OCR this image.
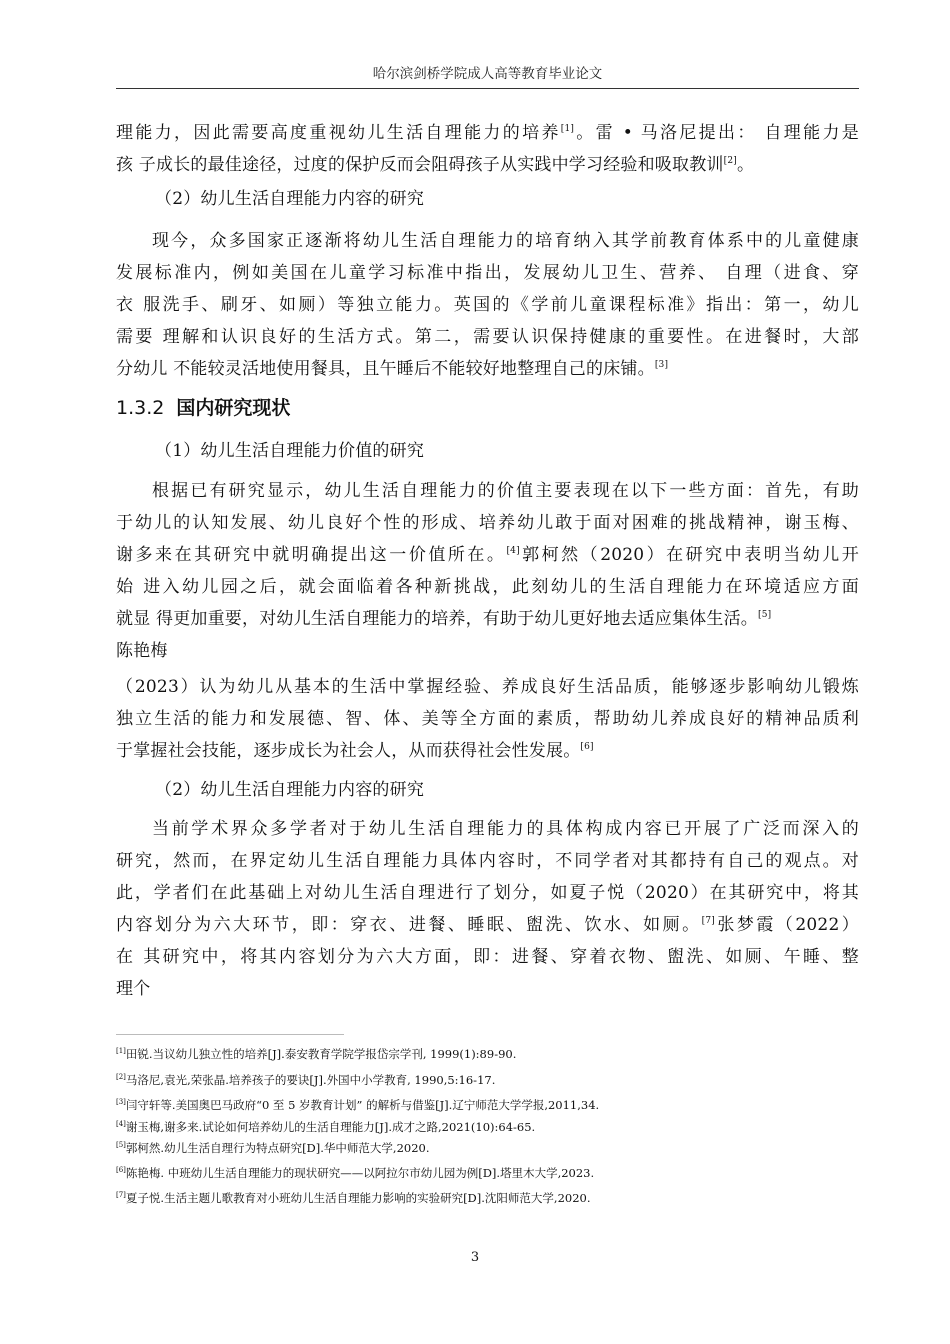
哈尔滨剑桥学院成人高等教育毕业论文
理能力，因此需要高度重视幼儿生活自理能力的培养[1]。雷 • 马洛尼提出： 自理能力是
孩 子成长的最佳途径，过度的保护反而会阻碍孩子从实践中学习经验和吸取教训[2]。
（2）幼儿生活自理能力内容的研究
现今，众多国家正逐渐将幼儿生活自理能力的培育纳入其学前教育体系中的儿童健康
发展标准内，例如美国在儿童学习标准中指出，发展幼儿卫生、营养、 自理（进食、穿
衣 服洗手、刷牙、如厕）等独立能力。英国的《学前儿童课程标准》指出：第一，幼儿
需要 理解和认识良好的生活方式。第二，需要认识保持健康的重要性。在进餐时，大部
分幼儿 不能较灵活地使用餐具，且午睡后不能较好地整理自己的床铺。[3]
1.3.2 国内研究现状
（1）幼儿生活自理能力价值的研究
根据已有研究显示，幼儿生活自理能力的价值主要表现在以下一些方面：首先，有助
于幼儿的认知发展、幼儿良好个性的形成、培养幼儿敢于面对困难的挑战精神，谢玉梅、
谢多来在其研究中就明确提出这一价值所在。[4]郭柯然（2020）在研究中表明当幼儿开
始 进入幼儿园之后，就会面临着各种新挑战，此刻幼儿的生活自理能力在环境适应方面
就显 得更加重要，对幼儿生活自理能力的培养，有助于幼儿更好地去适应集体生活。[5]
陈艳梅
（2023）认为幼儿从基本的生活中掌握经验、养成良好生活品质，能够逐步影响幼儿锻炼
独立生活的能力和发展德、智、体、美等全方面的素质，帮助幼儿养成良好的精神品质利
于掌握社会技能，逐步成长为社会人，从而获得社会性发展。[6]
（2）幼儿生活自理能力内容的研究
当前学术界众多学者对于幼儿生活自理能力的具体构成内容已开展了广泛而深入的
研究，然而，在界定幼儿生活自理能力具体内容时，不同学者对其都持有自己的观点。对
此，学者们在此基础上对幼儿生活自理进行了划分，如夏子悦（2020）在其研究中，将其
内容划分为六大环节，即：穿衣、进餐、睡眠、盥洗、饮水、如厕。[7]张梦霞（2022）
在 其研究中，将其内容划分为六大方面，即：进餐、穿着衣物、盥洗、如厕、午睡、整
理个
[1]田锐.当议幼儿独立性的培养[J].泰安教育学院学报岱宗学刊, 1999(1):89-90.
[2]马洛尼,袁光,荣张晶.培养孩子的要诀[J].外国中小学教育, 1990,5:16-17.
[3]闫守轩等.美国奥巴马政府“0 至 5 岁教育计划” 的解析与借鉴[J].辽宁师范大学学报,2011,34.
[4]谢玉梅,谢多来.试论如何培养幼儿的生活自理能力[J].成才之路,2021(10):64-65.
[5]郭柯然.幼儿生活自理行为特点研究[D].华中师范大学,2020.
[6]陈艳梅. 中班幼儿生活自理能力的现状研究——以阿拉尔市幼儿园为例[D].塔里木大学,2023.
[7]夏子悦.生活主题儿歌教育对小班幼儿生活自理能力影响的实验研究[D].沈阳师范大学,2020.
3
